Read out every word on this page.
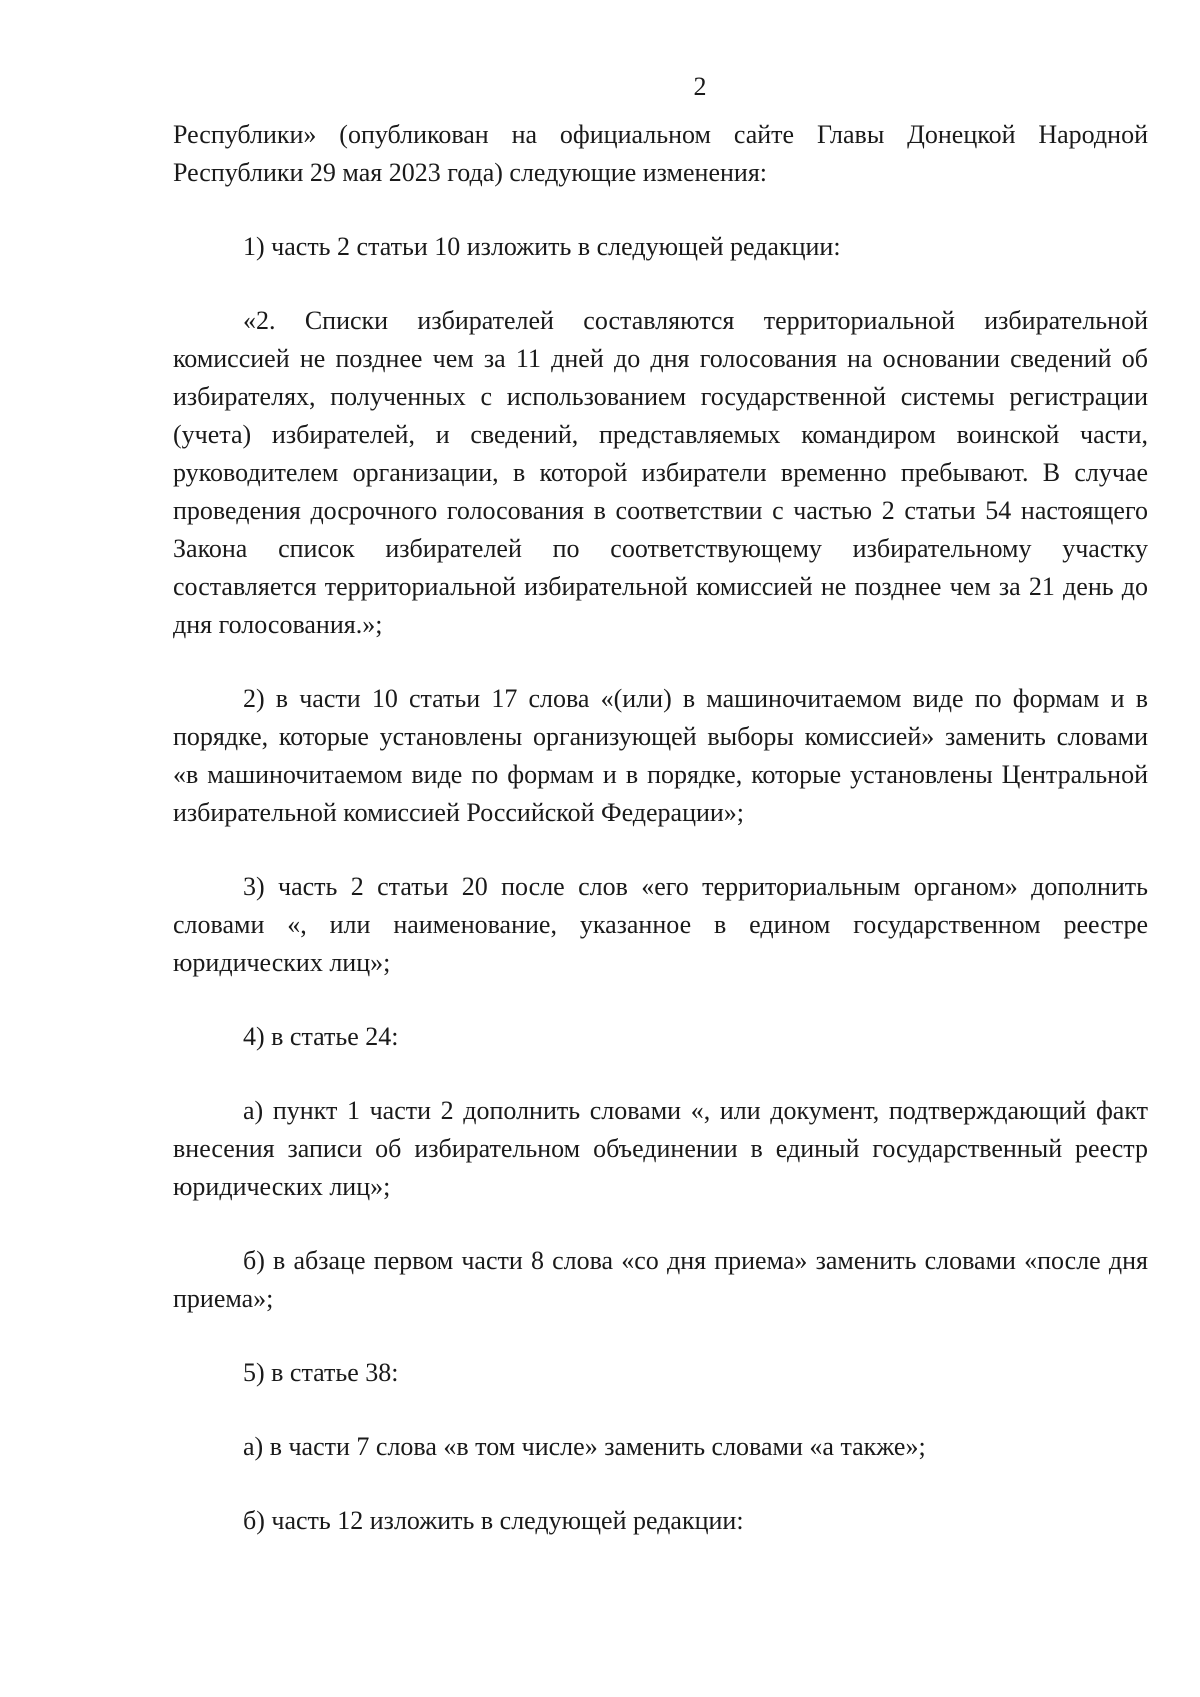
2

Республики» (опубликован на официальном сайте Главы Донецкой Народной Республики 29 мая 2023 года) следующие изменения:

1) часть 2 статьи 10 изложить в следующей редакции:

«2. Списки избирателей составляются территориальной избирательной комиссией не позднее чем за 11 дней до дня голосования на основании сведений об избирателях, полученных с использованием государственной системы регистрации (учета) избирателей, и сведений, представляемых командиром воинской части, руководителем организации, в которой избиратели временно пребывают. В случае проведения досрочного голосования в соответствии с частью 2 статьи 54 настоящего Закона список избирателей по соответствующему избирательному участку составляется территориальной избирательной комиссией не позднее чем за 21 день до дня голосования.»;

2) в части 10 статьи 17 слова «(или) в машиночитаемом виде по формам и в порядке, которые установлены организующей выборы комиссией» заменить словами «в машиночитаемом виде по формам и в порядке, которые установлены Центральной избирательной комиссией Российской Федерации»;

3) часть 2 статьи 20 после слов «его территориальным органом» дополнить словами «, или наименование, указанное в едином государственном реестре юридических лиц»;

4) в статье 24:

а) пункт 1 части 2 дополнить словами «, или документ, подтверждающий факт внесения записи об избирательном объединении в единый государственный реестр юридических лиц»;

б) в абзаце первом части 8 слова «со дня приема» заменить словами «после дня приема»;

5) в статье 38:

а) в части 7 слова «в том числе» заменить словами «а также»;

б) часть 12 изложить в следующей редакции:
